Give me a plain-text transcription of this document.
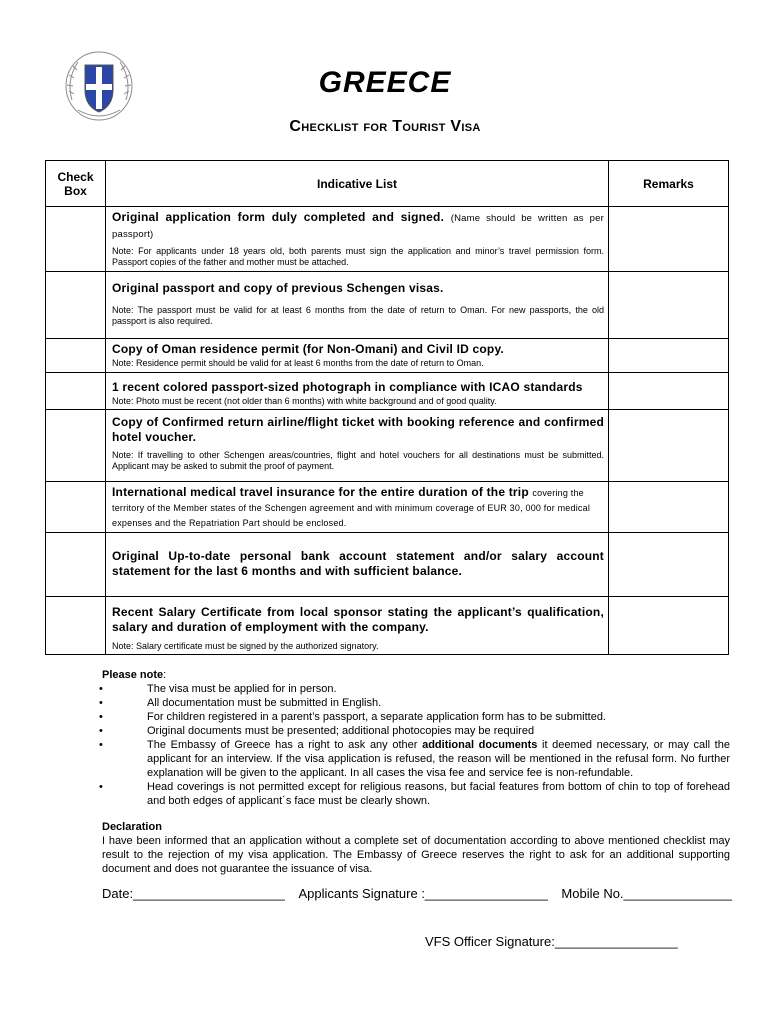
GREECE
Checklist for Tourist Visa
Check Box	Indicative List	Remarks

	Original application form duly completed and signed. (Name should be written as per passport)
Note: For applicants under 18 years old, both parents must sign the application and minor’s travel permission form. Passport copies of the father and mother must be attached.	

	Original passport and copy of previous Schengen visas.
Note: The passport must be valid for at least 6 months from the date of return to Oman. For new passports, the old passport is also required.	

	Copy of Oman residence permit (for Non-Omani) and Civil ID copy.
Note: Residence permit should be valid for at least 6 months from the date of return to Oman.	

	1 recent colored passport-sized photograph in compliance with ICAO standards
Note: Photo must be recent (not older than 6 months) with white background and of good quality.	

	Copy of Confirmed return airline/flight ticket with booking reference and confirmed hotel voucher.
Note: If travelling to other Schengen areas/countries, flight and hotel vouchers for all destinations must be submitted. Applicant may be asked to submit the proof of payment.	

	International medical travel insurance for the entire duration of the trip covering the territory of the Member states of the Schengen agreement and with minimum coverage of EUR 30, 000 for medical expenses and the Repatriation Part should be enclosed.	

	Original Up-to-date personal bank account statement and/or salary account statement for the last 6 months and with sufficient balance.	

	Recent Salary Certificate from local sponsor stating the applicant’s qualification, salary and duration of employment with the company.
Note: Salary certificate must be signed by the authorized signatory.	

Please note:
• The visa must be applied for in person.
• All documentation must be submitted in English.
• For children registered in a parent’s passport, a separate application form has to be submitted.
• Original documents must be presented; additional photocopies may be required
• The Embassy of Greece has a right to ask any other additional documents it deemed necessary, or may call the applicant for an interview. If the visa application is refused, the reason will be mentioned in the refusal form. No further explanation will be given to the applicant. In all cases the visa fee and service fee is non-refundable.
• Head coverings is not permitted except for religious reasons, but facial features from bottom of chin to top of forehead and both edges of applicant´s face must be clearly shown.
Declaration
I have been informed that an application without a complete set of documentation according to above mentioned checklist may result to the rejection of my visa application. The Embassy of Greece reserves the right to ask for an additional supporting document and does not guarantee the issuance of visa.
Date:_____________________ Applicants Signature :_________________ Mobile No._______________
VFS Officer Signature:_________________
